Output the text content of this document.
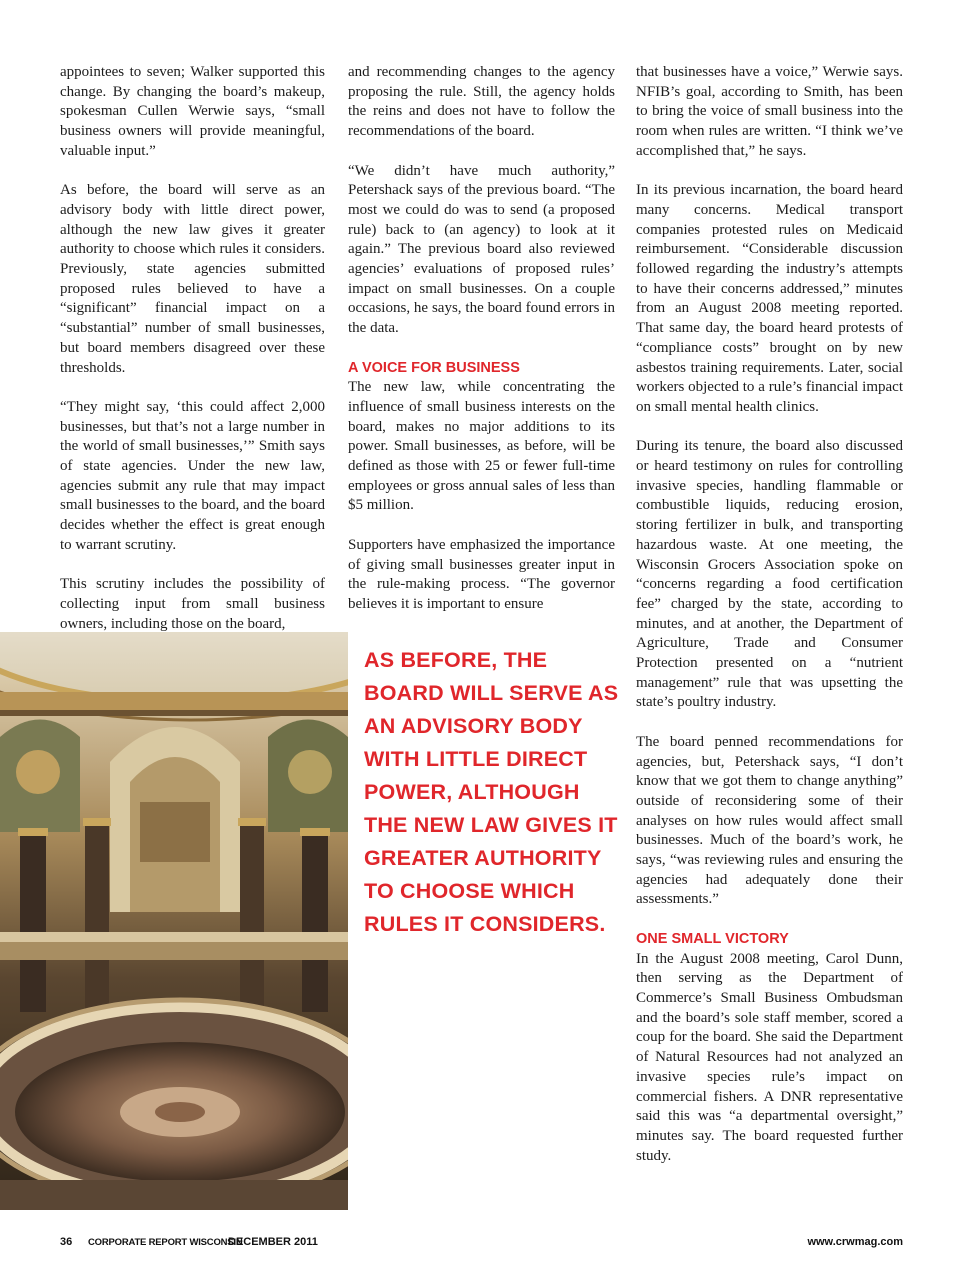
appointees to seven; Walker supported this change. By changing the board’s makeup, spokesman Cullen Werwie says, “small business owners will provide meaningful, valuable input.”

As before, the board will serve as an advisory body with little direct power, although the new law gives it greater authority to choose which rules it considers. Previously, state agencies submitted proposed rules believed to have a “significant” financial impact on a “substantial” number of small businesses, but board members disagreed over these thresholds.

“They might say, ‘this could affect 2,000 businesses, but that’s not a large number in the world of small businesses,’” Smith says of state agencies. Under the new law, agencies submit any rule that may impact small businesses to the board, and the board decides whether the effect is great enough to warrant scrutiny.

This scrutiny includes the possibility of collecting input from small business owners, including those on the board,

and recommending changes to the agency proposing the rule. Still, the agency holds the reins and does not have to follow the recommendations of the board.

“We didn’t have much authority,” Petershack says of the previous board. “The most we could do was to send (a proposed rule) back to (an agency) to look at it again.” The previous board also reviewed agencies’ evaluations of proposed rules’ impact on small businesses. On a couple occasions, he says, the board found errors in the data.

A VOICE FOR BUSINESS

The new law, while concentrating the influence of small business interests on the board, makes no major additions to its power. Small businesses, as before, will be defined as those with 25 or fewer full-time employees or gross annual sales of less than $5 million.

Supporters have emphasized the importance of giving small businesses greater input in the rule-making process. “The governor believes it is important to ensure

that businesses have a voice,” Werwie says. NFIB’s goal, according to Smith, has been to bring the voice of small business into the room when rules are written. “I think we’ve accomplished that,” he says.

In its previous incarnation, the board heard many concerns. Medical transport companies protested rules on Medicaid reimbursement. “Considerable discussion followed regarding the industry’s attempts to have their concerns addressed,” minutes from an August 2008 meeting reported. That same day, the board heard protests of “compliance costs” brought on by new asbestos training requirements. Later, social workers objected to a rule’s financial impact on small mental health clinics.

During its tenure, the board also discussed or heard testimony on rules for controlling invasive species, handling flammable or combustible liquids, reducing erosion, storing fertilizer in bulk, and transporting hazardous waste. At one meeting, the Wisconsin Grocers Association spoke on “concerns regarding a food certification fee” charged by the state, according to minutes, and at another, the Department of Agriculture, Trade and Consumer Protection presented on a “nutrient management” rule that was upsetting the state’s poultry industry.

The board penned recommendations for agencies, but, Petershack says, “I don’t know that we got them to change anything” outside of reconsidering some of their analyses on how rules would affect small businesses. Much of the board’s work, he says, “was reviewing rules and ensuring the agencies had adequately done their assessments.”

ONE SMALL VICTORY

In the August 2008 meeting, Carol Dunn, then serving as the Department of Commerce’s Small Business Ombudsman and the board’s sole staff member, scored a coup for the board. She said the Department of Natural Resources had not analyzed an invasive species rule’s impact on commercial fishers. A DNR representative said this was “a departmental oversight,” minutes say. The board requested further study.

AS BEFORE, THE BOARD WILL SERVE AS AN ADVISORY BODY WITH LITTLE DIRECT POWER, ALTHOUGH THE NEW LAW GIVES IT GREATER AUTHORITY TO CHOOSE WHICH RULES IT CONSIDERS.
36 CORPORATE REPORT WISCONSIN
DECEMBER 2011	www.crwmag.com
